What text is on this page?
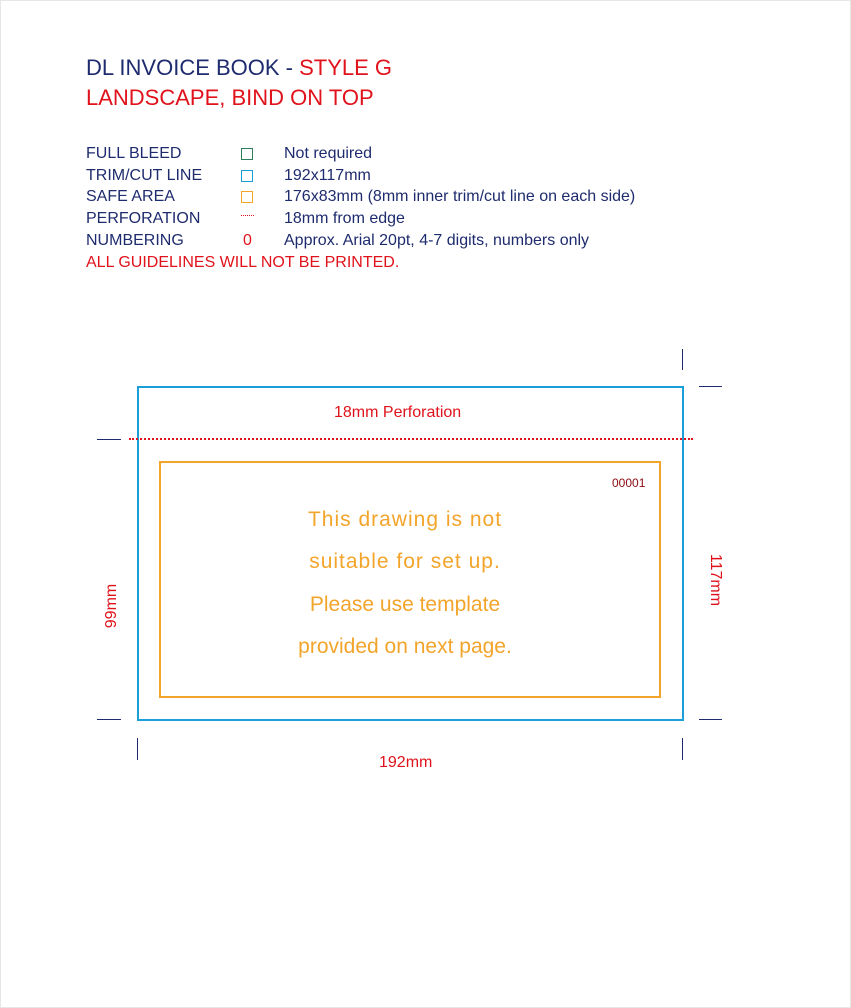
DL INVOICE BOOK - STYLE G
LANDSCAPE, BIND ON TOP
FULL BLEED	Not required
TRIM/CUT LINE	192x117mm
SAFE AREA	176x83mm (8mm inner trim/cut line on each side)
PERFORATION	18mm from edge
NUMBERING	0 Approx. Arial 20pt, 4-7 digits, numbers only
ALL GUIDELINES WILL NOT BE PRINTED.
18mm Perforation
00001
This drawing is not
suitable for set up.
Please use template
provided on next page.
192mm
99mm	117mm
